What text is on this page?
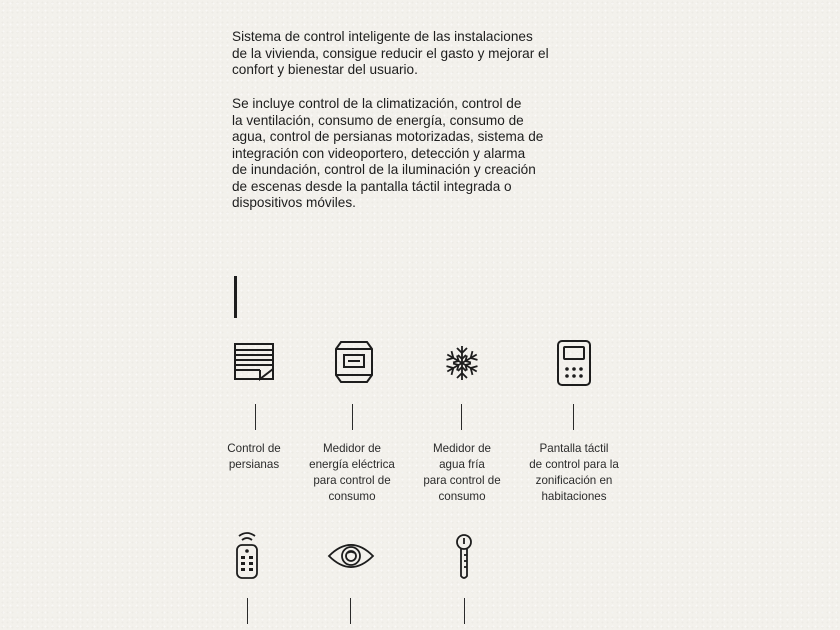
Sistema de control inteligente de las instalaciones
de la vivienda, consigue reducir el gasto y mejorar el
confort y bienestar del usuario.

Se incluye control de la climatización, control de
la ventilación, consumo de energía, consumo de
agua, control de persianas motorizadas, sistema de
integración con videoportero, detección y alarma
de inundación, control de la iluminación y creación
de escenas desde la pantalla táctil integrada o
dispositivos móviles.

Control de
persianas
Medidor de
energía eléctrica
para control de
consumo
Medidor de
agua fría
para control de
consumo
Pantalla táctil
de control para la
zonificación en
habitaciones
